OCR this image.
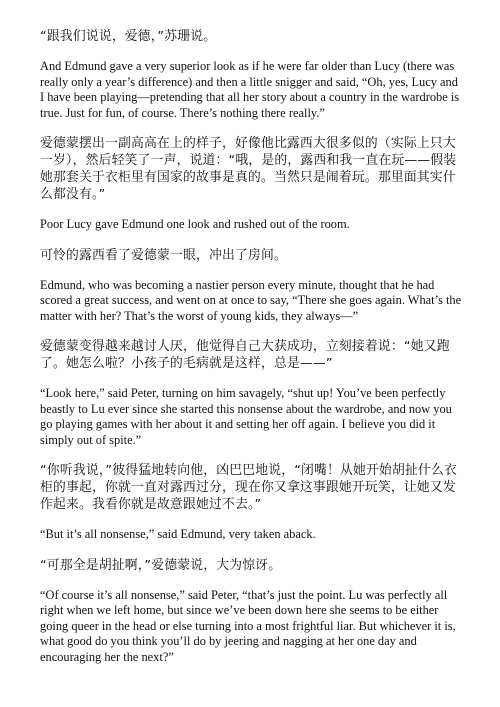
“跟我们说说，爱德，”苏珊说。

And Edmund gave a very superior look as if he were far older than Lucy (there was really only a year’s difference) and then a little snigger and said, “Oh, yes, Lucy and I have been playing—pretending that all her story about a country in the wardrobe is true. Just for fun, of course. There’s nothing there really.”

爱德蒙摆出一副高高在上的样子，好像他比露西大很多似的（实际上只大一岁），然后轻笑了一声，说道：“哦，是的，露西和我一直在玩——假装她那套关于衣柜里有国家的故事是真的。当然只是闹着玩。那里面其实什么都没有。”

Poor Lucy gave Edmund one look and rushed out of the room.

可怜的露西看了爱德蒙一眼，冲出了房间。

Edmund, who was becoming a nastier person every minute, thought that he had scored a great success, and went on at once to say, “There she goes again. What’s the matter with her? That’s the worst of young kids, they always—”

爱德蒙变得越来越讨人厌，他觉得自己大获成功，立刻接着说：“她又跑了。她怎么啦？小孩子的毛病就是这样，总是——”

“Look here,” said Peter, turning on him savagely, “shut up! You’ve been perfectly beastly to Lu ever since she started this nonsense about the wardrobe, and now you go playing games with her about it and setting her off again. I believe you did it simply out of spite.”

“你听我说，”彼得猛地转向他，凶巴巴地说，“闭嘴！从她开始胡扯什么衣柜的事起，你就一直对露西过分，现在你又拿这事跟她开玩笑，让她又发作起来。我看你就是故意跟她过不去。”

“But it’s all nonsense,” said Edmund, very taken aback.

“可那全是胡扯啊，”爱德蒙说，大为惊讶。

“Of course it’s all nonsense,” said Peter, “that’s just the point. Lu was perfectly all right when we left home, but since we’ve been down here she seems to be either going queer in the head or else turning into a most frightful liar. But whichever it is, what good do you think you’ll do by jeering and nagging at her one day and encouraging her the next?”
